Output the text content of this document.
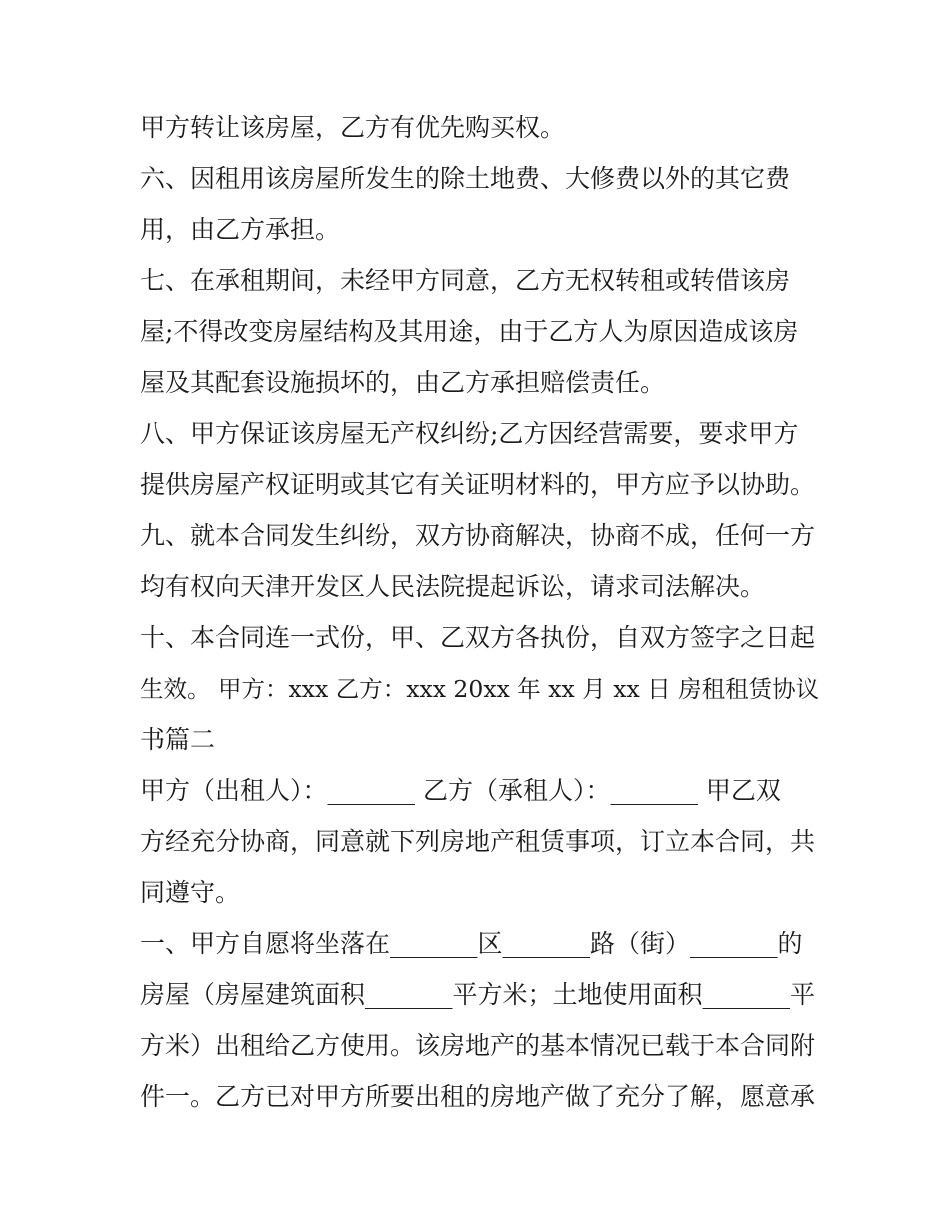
甲方转让该房屋，乙方有优先购买权。
六、因租用该房屋所发生的除土地费、大修费以外的其它费
用，由乙方承担。
七、在承租期间，未经甲方同意，乙方无权转租或转借该房
屋;不得改变房屋结构及其用途，由于乙方人为原因造成该房
屋及其配套设施损坏的，由乙方承担赔偿责任。
八、甲方保证该房屋无产权纠纷;乙方因经营需要，要求甲方
提供房屋产权证明或其它有关证明材料的，甲方应予以协助。
九、就本合同发生纠纷，双方协商解决，协商不成，任何一方
均有权向天津开发区人民法院提起诉讼，请求司法解决。
十、本合同连一式份，甲、乙双方各执份，自双方签字之日起
生效。 甲方：xxx 乙方：xxx 20xx 年 xx 月 xx 日 房租租赁协议
书篇二
甲方（出租人）：_______ 乙方（承租人）：_______ 甲乙双
方经充分协商，同意就下列房地产租赁事项，订立本合同，共
同遵守。
一、甲方自愿将坐落在_______区_______路（街）_______的
房屋（房屋建筑面积_______平方米；土地使用面积_______平
方米）出租给乙方使用。该房地产的基本情况已载于本合同附
件一。乙方已对甲方所要出租的房地产做了充分了解，愿意承
